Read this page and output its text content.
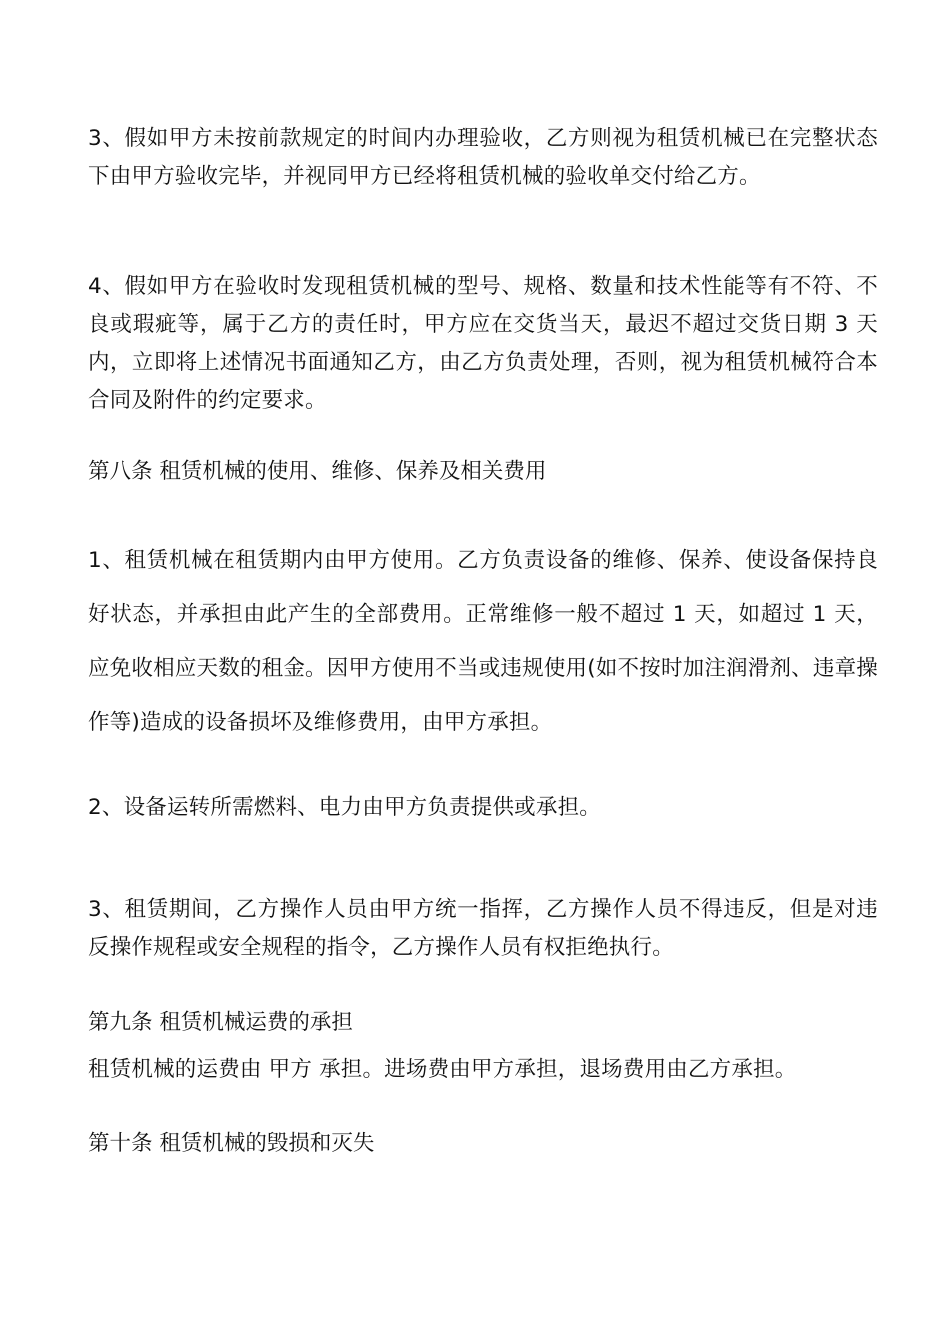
3、假如甲方未按前款规定的时间内办理验收，乙方则视为租赁机械已在完整状态下由甲方验收完毕，并视同甲方已经将租赁机械的验收单交付给乙方。

4、假如甲方在验收时发现租赁机械的型号、规格、数量和技术性能等有不符、不良或瑕疵等，属于乙方的责任时，甲方应在交货当天，最迟不超过交货日期 3 天内，立即将上述情况书面通知乙方，由乙方负责处理，否则，视为租赁机械符合本合同及附件的约定要求。

第八条 租赁机械的使用、维修、保养及相关费用

1、租赁机械在租赁期内由甲方使用。乙方负责设备的维修、保养、使设备保持良好状态，并承担由此产生的全部费用。正常维修一般不超过 1 天，如超过 1 天，应免收相应天数的租金。因甲方使用不当或违规使用(如不按时加注润滑剂、违章操作等)造成的设备损坏及维修费用，由甲方承担。

2、设备运转所需燃料、电力由甲方负责提供或承担。

3、租赁期间，乙方操作人员由甲方统一指挥，乙方操作人员不得违反，但是对违反操作规程或安全规程的指令，乙方操作人员有权拒绝执行。

第九条 租赁机械运费的承担

租赁机械的运费由 甲方 承担。进场费由甲方承担，退场费用由乙方承担。

第十条 租赁机械的毁损和灭失
